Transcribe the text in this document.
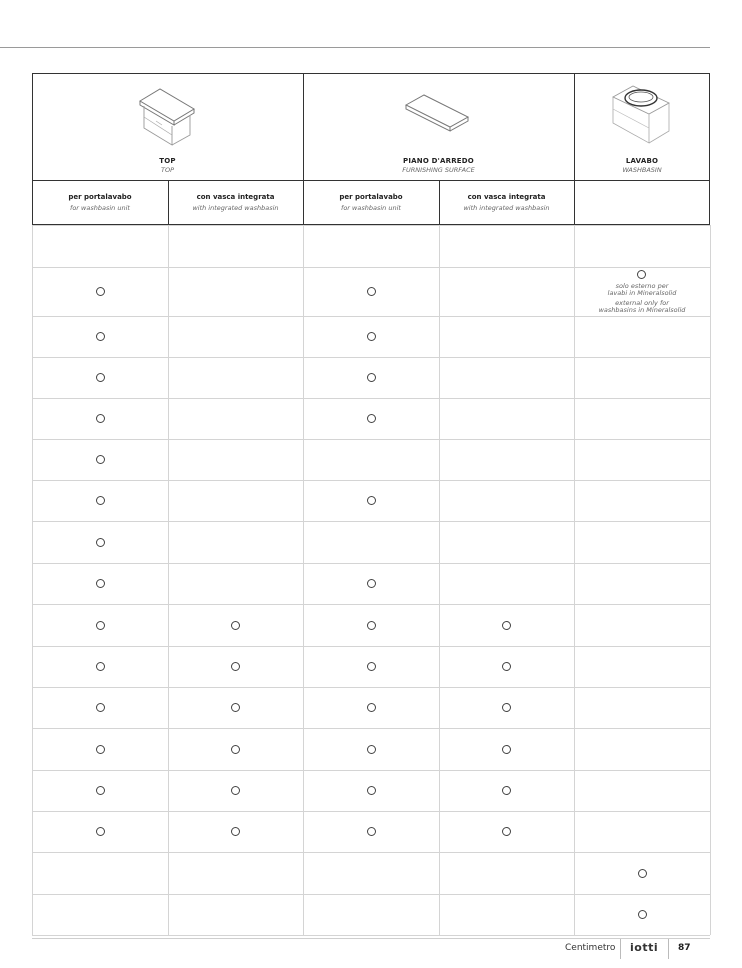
TOP
TOP
PIANO D'ARREDO
FURNISHING SURFACE
LAVABO
WASHBASIN
per portalavabo
for washbasin unit
con vasca integrata
with integrated washbasin
per portalavabo
for washbasin unit
con vasca integrata
with integrated washbasin
solo esterno per
lavabi in Mineralsolid
external only for
washbasins in Mineralsolid
Centimetro iotti 87
